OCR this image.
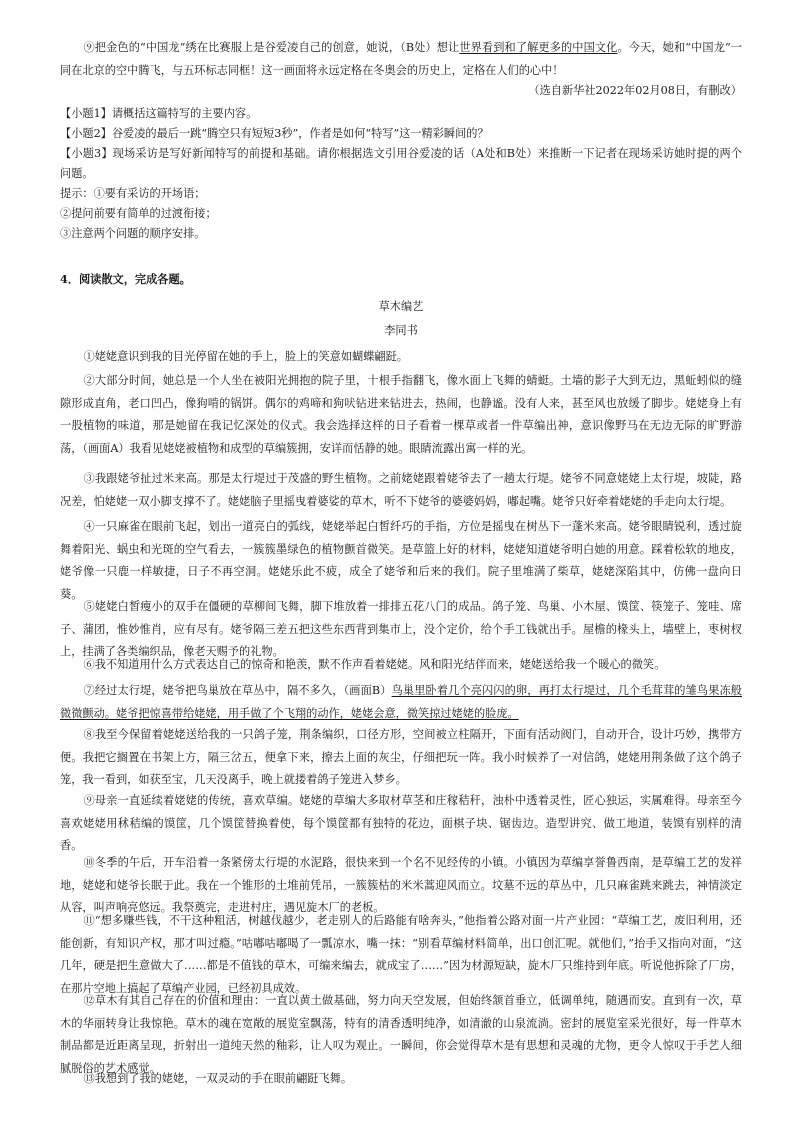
⑨把金色的“中国龙”绣在比赛服上是谷爱凌自己的创意，她说，（B处）想让世界看到和了解更多的中国文化。今天，她和“中国龙”一同在北京的空中腾飞，与五环标志同框！这一画面将永远定格在冬奥会的历史上，定格在人们的心中！

（选自新华社2022年02月08日，有删改）

【小题1】请概括这篇特写的主要内容。

【小题2】谷爱凌的最后一跳“腾空只有短短3秒”，作者是如何“特写”这一精彩瞬间的？

【小题3】现场采访是写好新闻特写的前提和基础。请你根据选文引用谷爱凌的话（A处和B处）来推断一下记者在现场采访她时提的两个问题。

提示：①要有采访的开场语；

②提问前要有简单的过渡衔接；

③注意两个问题的顺序安排。

4．阅读散文，完成各题。

草木编艺

李同书

①姥姥意识到我的目光停留在她的手上，脸上的笑意如蝴蝶翩跹。

②大部分时间，她总是一个人坐在被阳光拥抱的院子里，十根手指翻飞，像水面上飞舞的蜻蜓。土墙的影子大到无边，黑蚯蚓似的缝隙形成直角，老口凹凸，像狗啃的锅饼。偶尔的鸡啼和狗吠钻进来钻进去，热闹，也静谧。没有人来，甚至风也放缓了脚步。姥姥身上有一股植物的味道，那是她留在我记忆深处的仪式。我会选择这样的日子看着一棵草或者一件草编出神，意识像野马在无边无际的旷野游荡，（画面A）我看见姥姥被植物和成型的草编簇拥，安详而恬静的她。眼睛流露出寓一样的光。

③我跟姥爷扯过米来高。那是太行堤过于茂盛的野生植物。之前姥姥跟着姥爷去了一趟太行堤。姥爷不同意姥姥上太行堤，坡陡，路况差，怕姥姥一双小脚支撑不了。姥姥脑子里摇曳着婆娑的草木，听不下姥爷的婆婆妈妈，嘟起嘴。姥爷只好牵着姥姥的手走向太行堤。

④一只麻雀在眼前飞起，划出一道亮白的弧线，姥姥举起白皙纤巧的手指，方位是摇曳在树丛下一蓬米来高。姥爷眼睛锐利，透过旋舞着阳光、蜗虫和光斑的空气看去，一簇簇墨绿色的植物颤首微笑。是草篮上好的材料，姥姥知道姥爷明白她的用意。踩着松软的地皮，姥爷像一只鹿一样敏捷，日子不再空洞。姥姥乐此不疲，成全了姥爷和后来的我们。院子里堆满了柴草，姥姥深陷其中，仿佛一盘向日葵。

⑤姥姥白皙瘦小的双手在僵硬的草柳间飞舞，脚下堆放着一排排五花八门的成品。鸽子笼、鸟巢、小木屋、馍筐、筷笼子、笼哇、席子、蒲团，惟妙惟肖，应有尽有。姥爷隔三差五把这些东西背到集市上，没个定价，给个手工钱就出手。屋檐的椽头上，墙壁上，枣树杈上，挂满了各类编织品，像老天赐予的礼物。

⑥我不知道用什么方式表达自己的惊奇和艳羡，默不作声看着姥姥。风和阳光结伴而来，姥姥送给我一个暖心的微笑。

⑦经过太行堤，姥爷把鸟巢放在草丛中，隔不多久，（画面B）鸟巢里卧着几个亮闪闪的卵，再打太行堤过，几个毛茸茸的雏鸟果冻般微微颤动。姥爷把惊喜带给姥姥，用手做了个飞翔的动作，姥姥会意，微笑掠过姥姥的脸庞。

⑧我至今保留着姥姥送给我的一只鸽子笼，荆条编织，口径方形，空间被立柱隔开，下面有活动阀门，自动开合，设计巧妙，携带方便。我把它搁置在书架上方，隔三岔五，便拿下来，擦去上面的灰尘，仔细把玩一阵。我小时候养了一对信鸽，姥姥用荆条做了这个鸽子笼，我一看到，如获至宝，几天没离手，晚上就搂着鸽子笼进入梦乡。

⑨母亲一直延续着姥姥的传统，喜欢草编。姥姥的草编大多取材草茎和庄稼秸秆，浊朴中透着灵性，匠心独运，实属难得。母亲至今喜欢姥姥用秫秸编的馍筐，几个馍筐替换着使，每个馍筐都有独特的花边，面棋子块、锯齿边。造型讲究、做工地道，装馍有别样的清香。

⑩冬季的午后，开车沿着一条紧傍太行堤的水泥路，很快来到一个名不见经传的小镇。小镇因为草编享誉鲁西南，是草编工艺的发祥地，姥姥和姥爷长眠于此。我在一个锥形的土堆前凭吊，一簇簇枯的米米蒿迎风而立。坟墓不远的草丛中，几只麻雀跳来跳去，神情淡定从容，叫声响亮悠远。我祭奠完，走进村庄，遇见旋木厂的老板。

⑪“想多赚些钱，不干这种粗活，树越伐越少，老走别人的后路能有啥奔头，”他指着公路对面一片产业园：“草编工艺，废旧利用，还能创新，有知识产权，那才叫过瘾。”咕嘟咕嘟喝了一瓢凉水，嘴一抹：“别看草编材料简单，出口创汇呢。就他们，”抬手又指向对面，“这几年，硬是把生意做大了……都是不值钱的草木，可编来编去，就成宝了……”因为材源短缺，旋木厂只维持到年底。听说他拆除了厂房，在那片空地上搞起了草编产业园，已经初具成效。

⑫草木有其自己存在的价值和理由：一直以黄土做基础，努力向天空发展，但始终颔首垂立，低调单纯，随遇而安。直到有一次，草木的华丽转身让我惊艳。草木的魂在宽敞的展览室飘荡，特有的清香透明纯净，如清澈的山泉流淌。密封的展览室采光很好，每一件草木制品都是近距离呈现，折射出一道纯天然的釉彩，让人叹为观止。一瞬间，你会觉得草木是有思想和灵魂的尤物，更令人惊叹于手艺人细腻脱俗的艺术感觉。

⑬我想到了我的姥姥，一双灵动的手在眼前翩跹飞舞。
